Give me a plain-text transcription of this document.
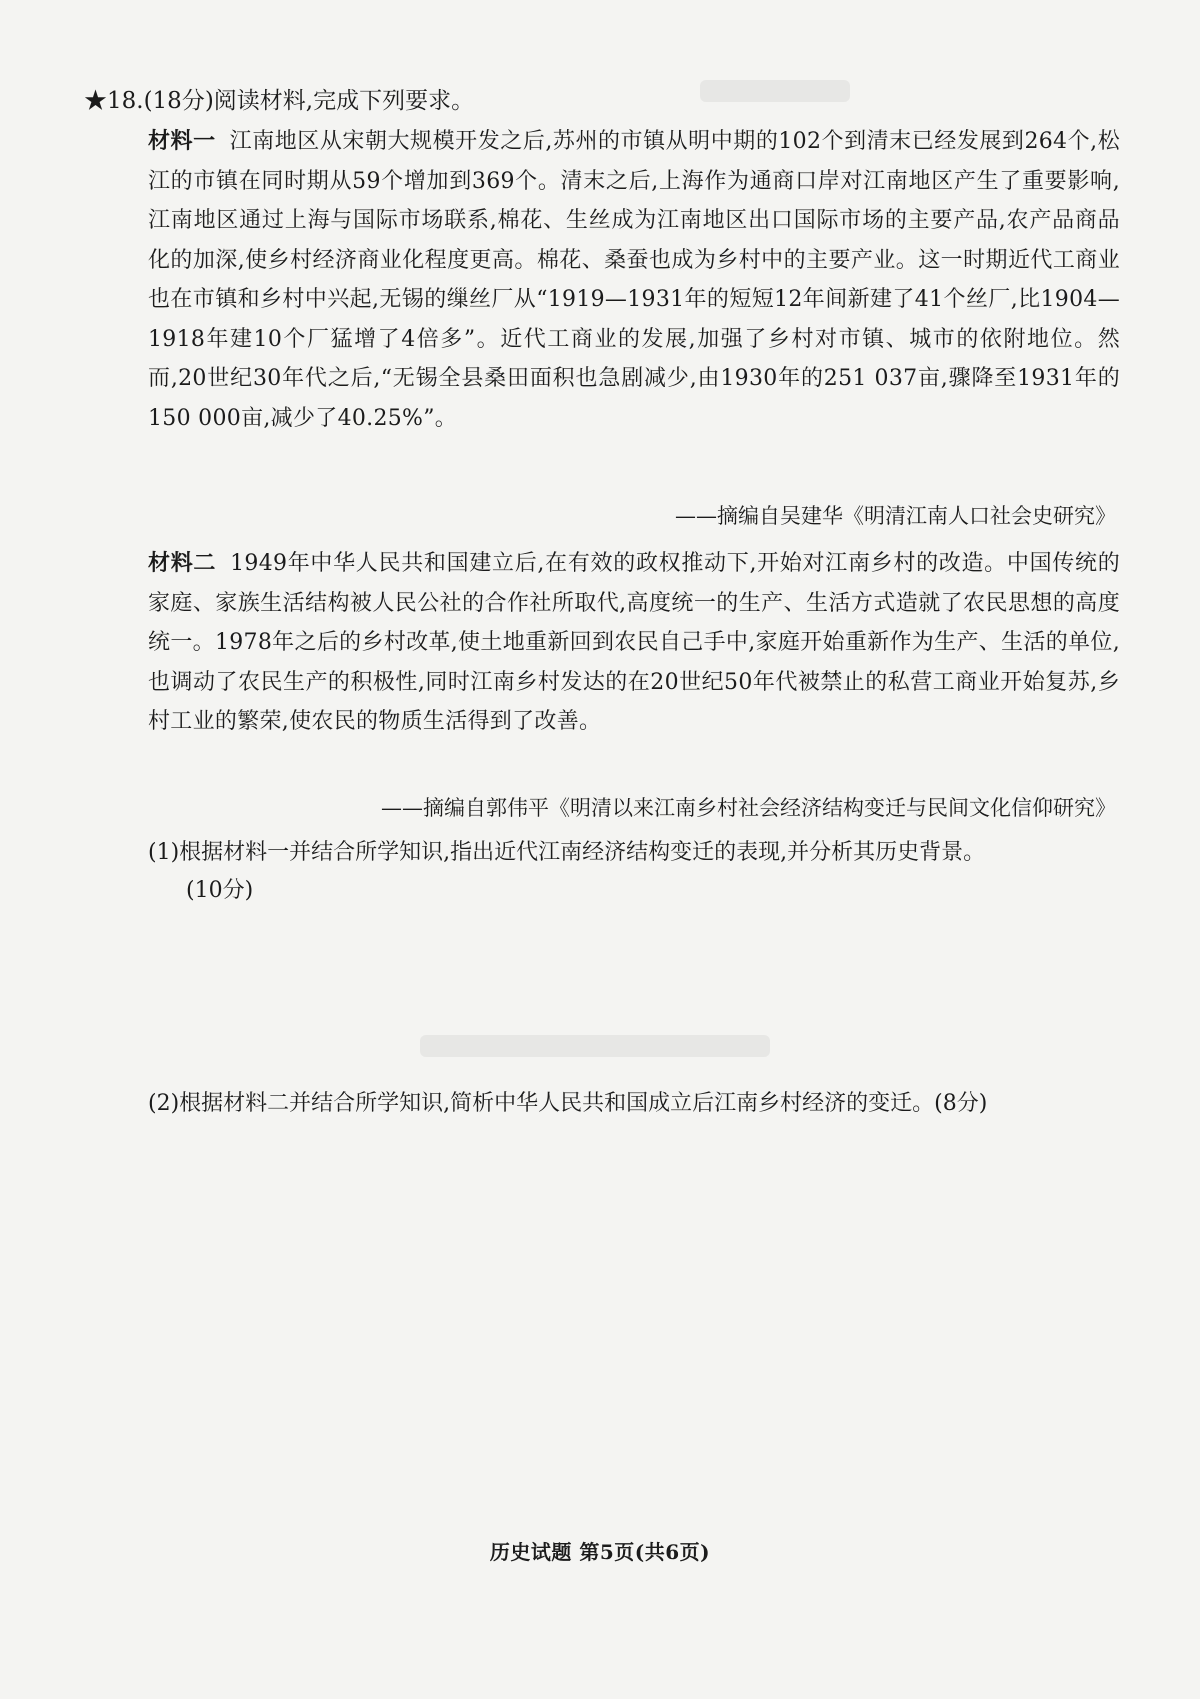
★18.(18分)阅读材料,完成下列要求。
材料一 江南地区从宋朝大规模开发之后,苏州的市镇从明中期的102个到清末已经发展到264个,松江的市镇在同时期从59个增加到369个。清末之后,上海作为通商口岸对江南地区产生了重要影响,江南地区通过上海与国际市场联系,棉花、生丝成为江南地区出口国际市场的主要产品,农产品商品化的加深,使乡村经济商业化程度更高。棉花、桑蚕也成为乡村中的主要产业。这一时期近代工商业也在市镇和乡村中兴起,无锡的缫丝厂从“1919—1931年的短短12年间新建了41个丝厂,比1904—1918年建10个厂猛增了4倍多”。近代工商业的发展,加强了乡村对市镇、城市的依附地位。然而,20世纪30年代之后,“无锡全县桑田面积也急剧减少,由1930年的251 037亩,骤降至1931年的150 000亩,减少了40.25%”。
——摘编自吴建华《明清江南人口社会史研究》
材料二 1949年中华人民共和国建立后,在有效的政权推动下,开始对江南乡村的改造。中国传统的家庭、家族生活结构被人民公社的合作社所取代,高度统一的生产、生活方式造就了农民思想的高度统一。1978年之后的乡村改革,使土地重新回到农民自己手中,家庭开始重新作为生产、生活的单位,也调动了农民生产的积极性,同时江南乡村发达的在20世纪50年代被禁止的私营工商业开始复苏,乡村工业的繁荣,使农民的物质生活得到了改善。
——摘编自郭伟平《明清以来江南乡村社会经济结构变迁与民间文化信仰研究》
(1)根据材料一并结合所学知识,指出近代江南经济结构变迁的表现,并分析其历史背景。
(10分)
(2)根据材料二并结合所学知识,简析中华人民共和国成立后江南乡村经济的变迁。(8分)
历史试题 第5页(共6页)
